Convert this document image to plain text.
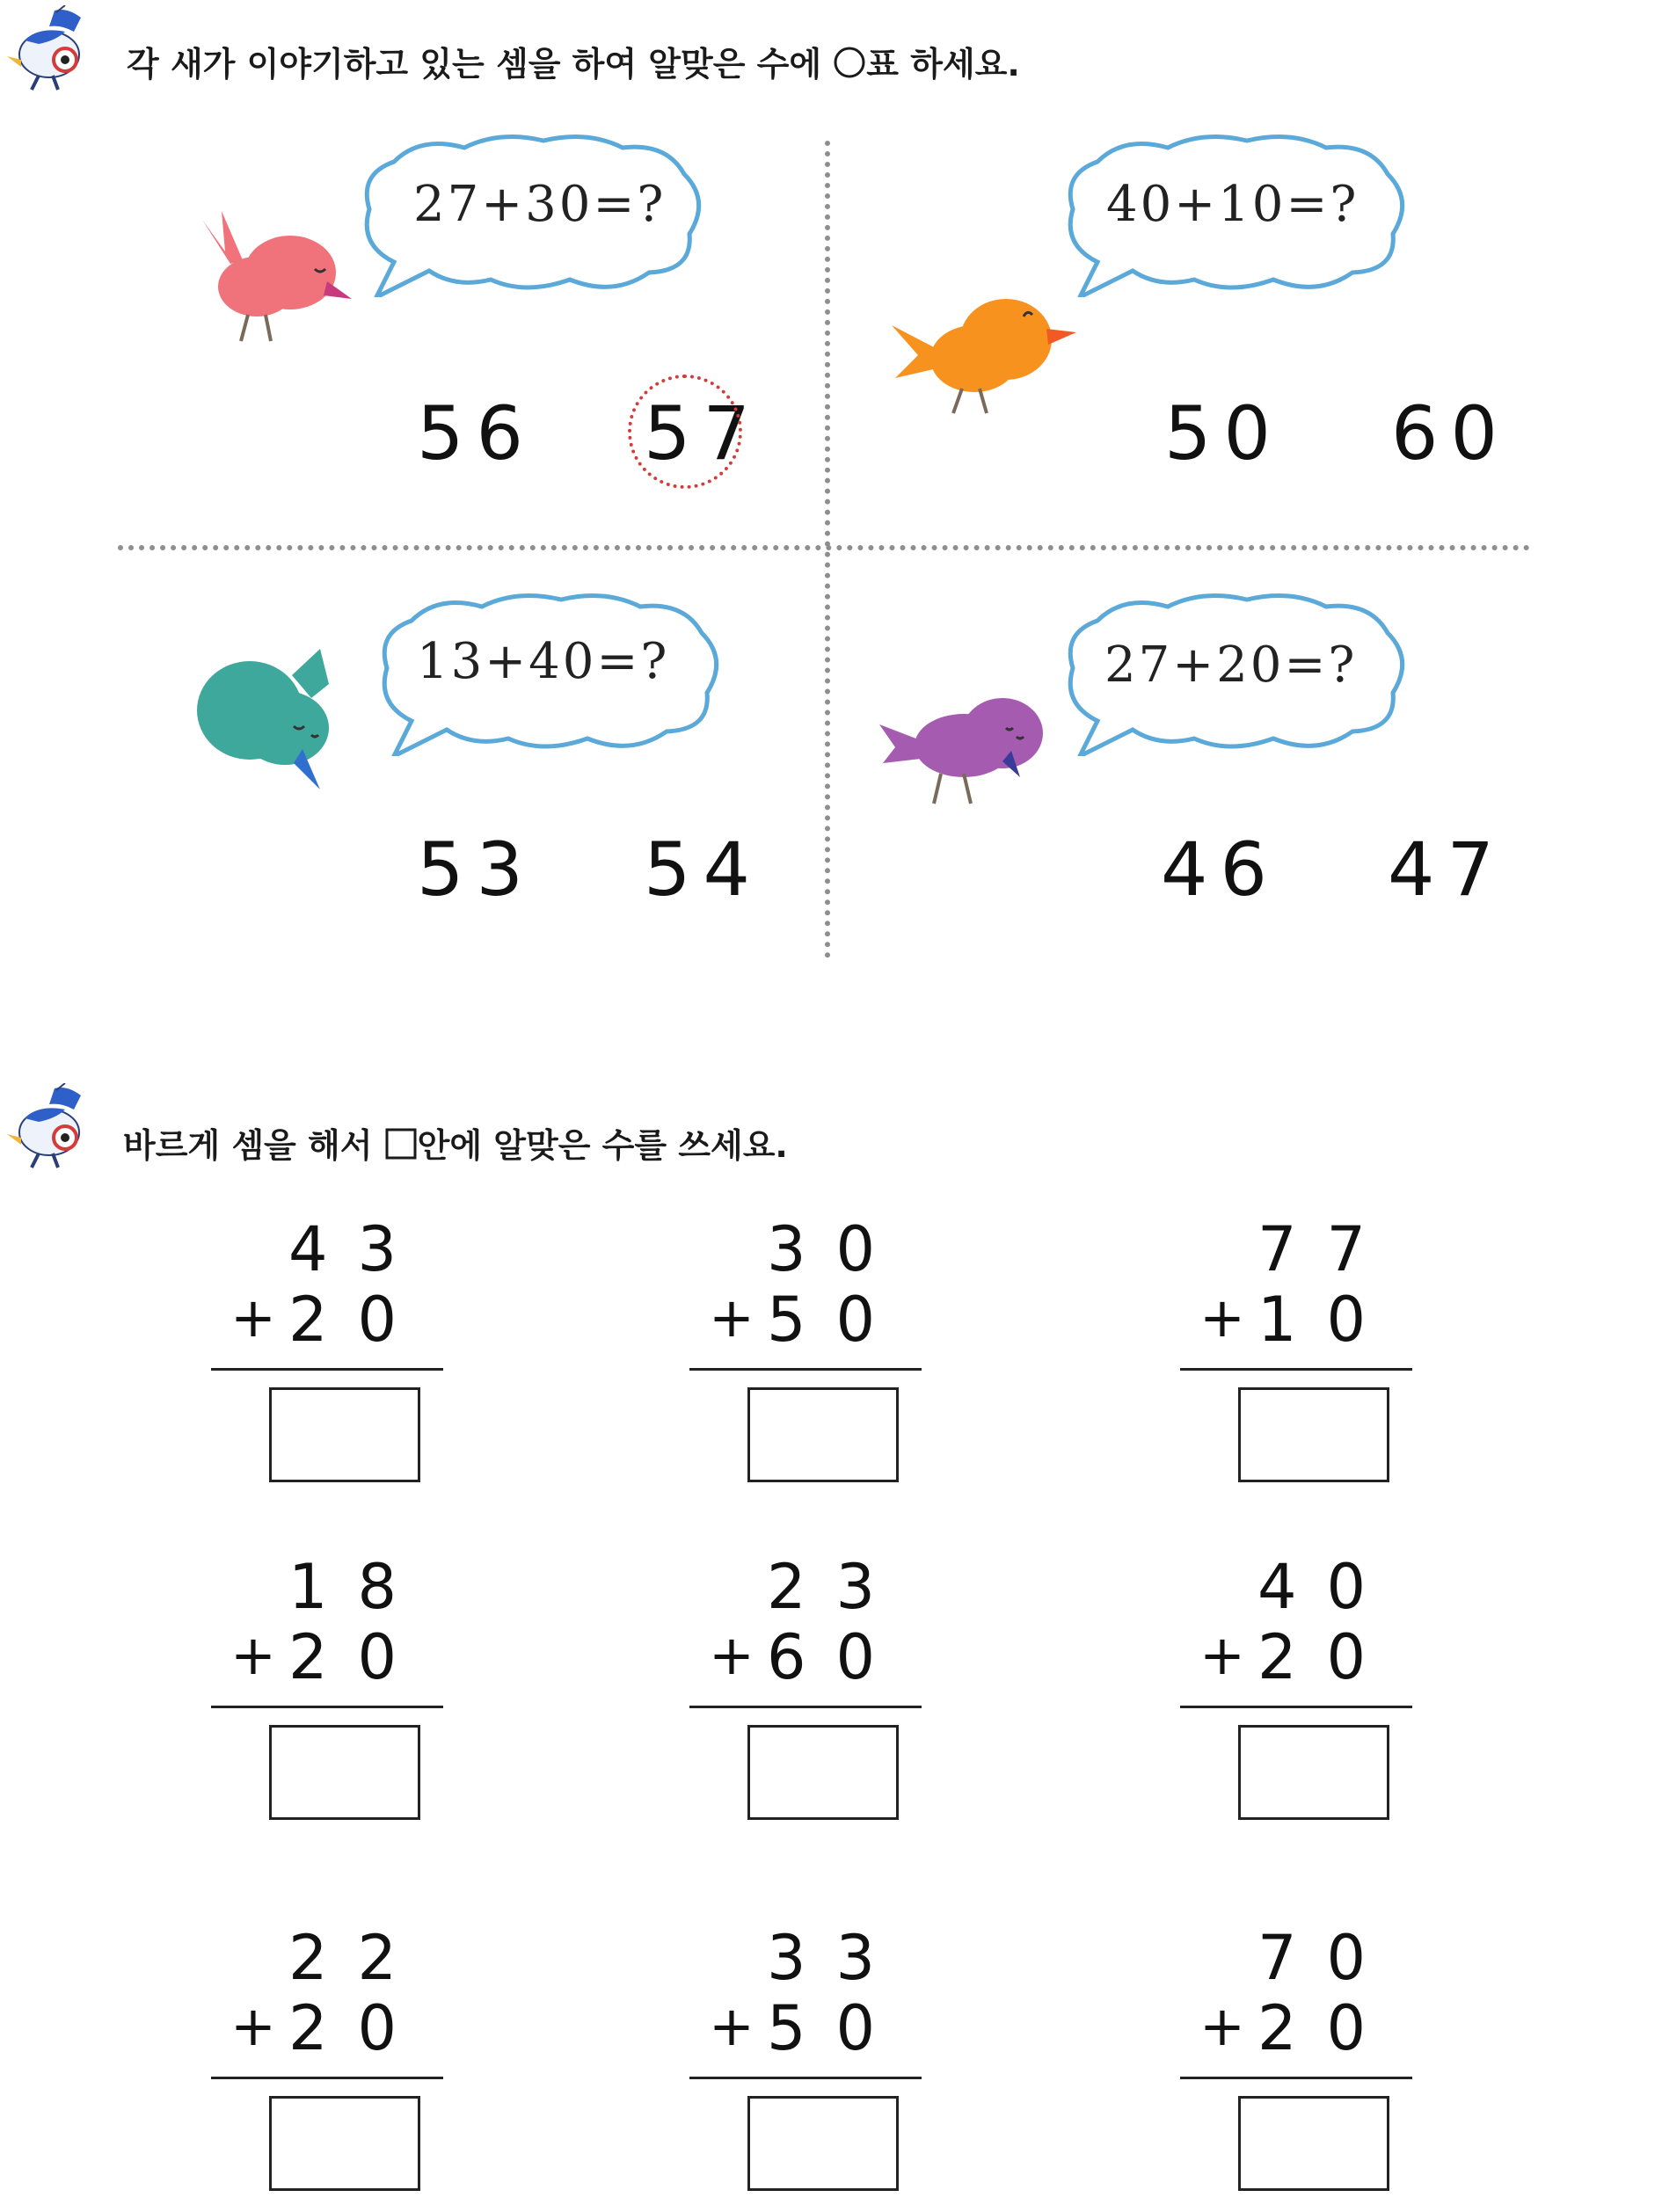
각 새가 이야기하고 있는 셈을 하여 알맞은 수에 표 하세요.
27+30=?
56 57
40+10=?
50 60
13+40=?
53 54
27+20=?
46 47
바르게 셈을 해서 안에 알맞은 수를 쓰세요.
43
+ 20
30
+ 50
77
+ 10
18
+ 20
23
+ 60
40
+ 20
22
+ 20
33
+ 50
70
+ 20
